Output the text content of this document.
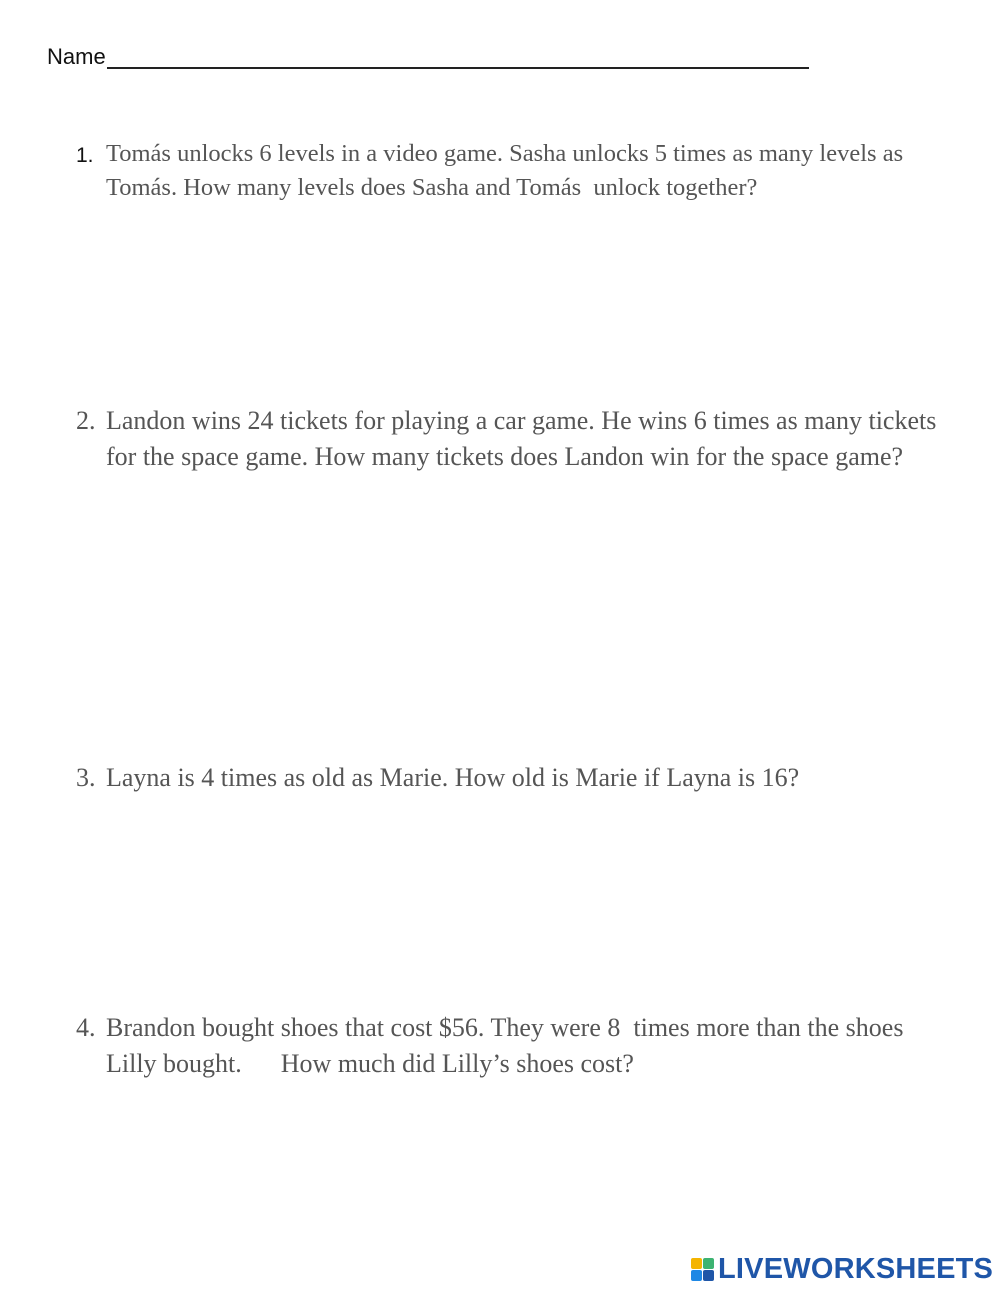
Name
1. Tomás unlocks 6 levels in a video game. Sasha unlocks 5 times as many levels as Tomás. How many levels does Sasha and Tomás  unlock together?
2. Landon wins 24 tickets for playing a car game. He wins 6 times as many tickets for the space game. How many tickets does Landon win for the space game?
3. Layna is 4 times as old as Marie. How old is Marie if Layna is 16?
4. Brandon bought shoes that cost $56. They were 8  times more than the shoes Lilly bought.      How much did Lilly’s shoes cost?
LIVEWORKSHEETS
